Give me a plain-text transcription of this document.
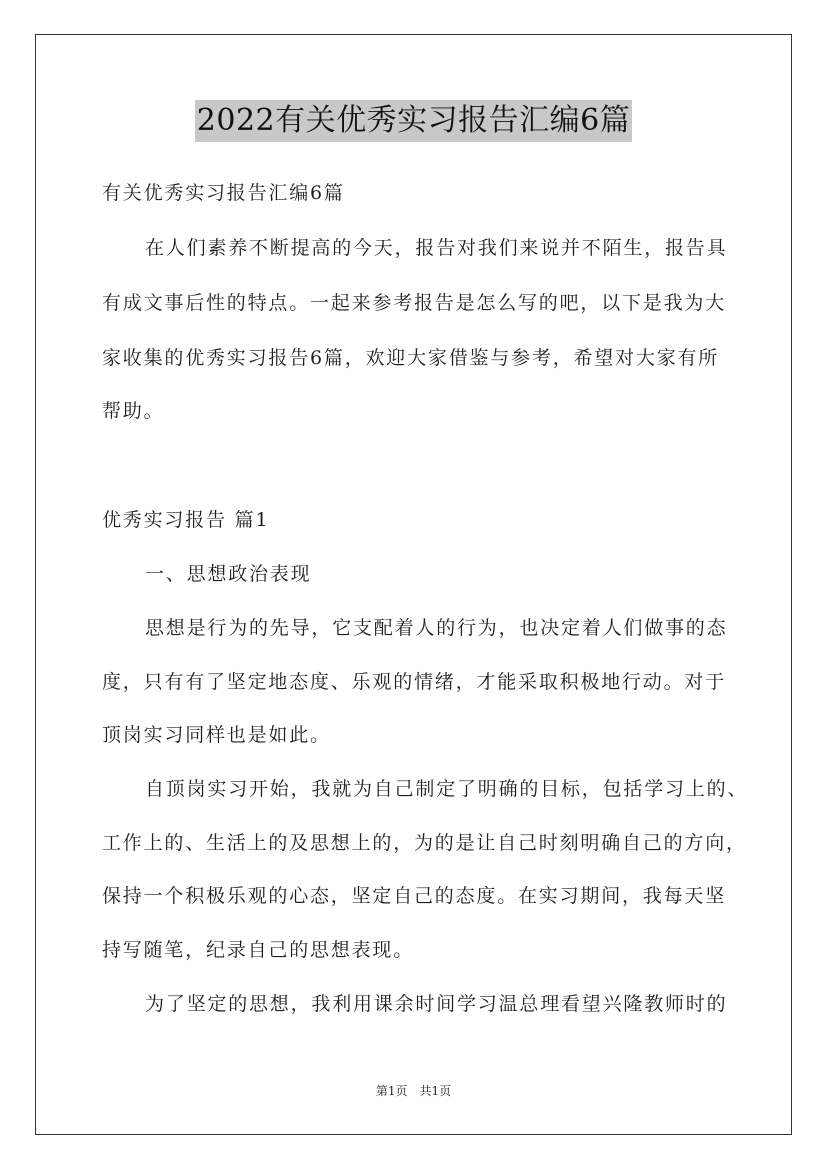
2022有关优秀实习报告汇编6篇
有关优秀实习报告汇编6篇
在人们素养不断提高的今天，报告对我们来说并不陌生，报告具
有成文事后性的特点。一起来参考报告是怎么写的吧，以下是我为大
家收集的优秀实习报告6篇，欢迎大家借鉴与参考，希望对大家有所
帮助。
优秀实习报告 篇1
一、思想政治表现
思想是行为的先导，它支配着人的行为，也决定着人们做事的态
度，只有有了坚定地态度、乐观的情绪，才能采取积极地行动。对于
顶岗实习同样也是如此。
自顶岗实习开始，我就为自己制定了明确的目标，包括学习上的、
工作上的、生活上的及思想上的，为的是让自己时刻明确自己的方向，
保持一个积极乐观的心态，坚定自己的态度。在实习期间，我每天坚
持写随笔，纪录自己的思想表现。
为了坚定的思想，我利用课余时间学习温总理看望兴隆教师时的
第1页 共1页
